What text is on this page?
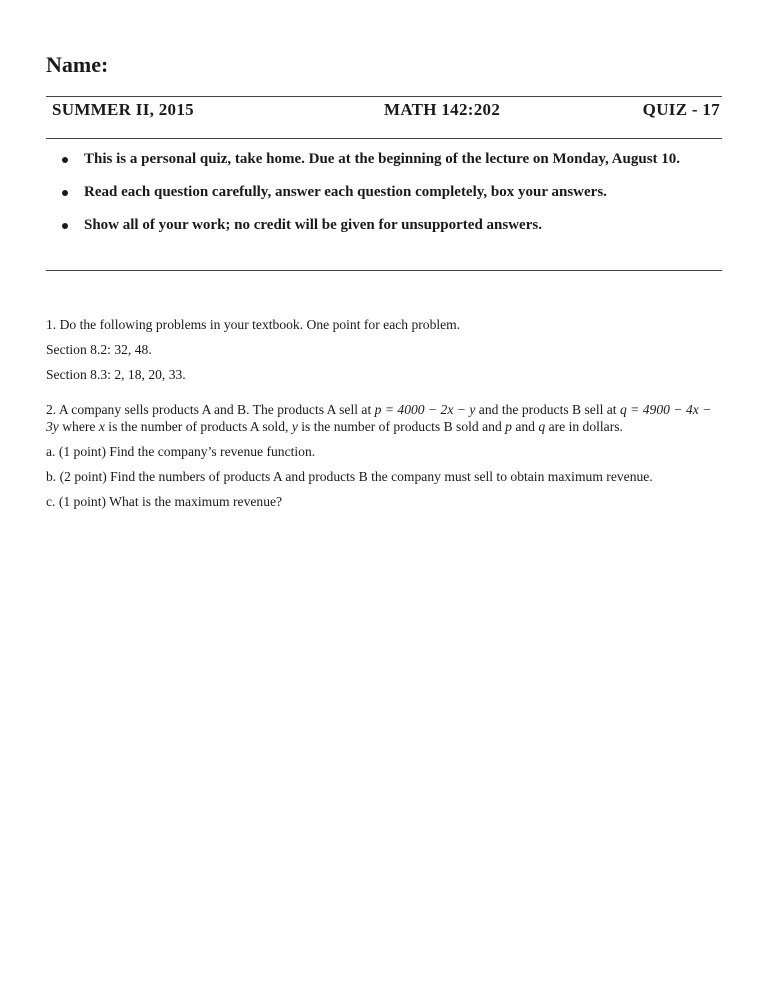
Name:
SUMMER II, 2015	MATH 142:202	QUIZ - 17
This is a personal quiz, take home. Due at the beginning of the lecture on Monday, August 10.
Read each question carefully, answer each question completely, box your answers.
Show all of your work; no credit will be given for unsupported answers.

1. Do the following problems in your textbook. One point for each problem.

Section 8.2: 32, 48.

Section 8.3: 2, 18, 20, 33.

2. A company sells products A and B. The products A sell at p = 4000 − 2x − y and the products B sell at q = 4900 − 4x − 3y where x is the number of products A sold, y is the number of products B sold and p and q are in dollars.

a. (1 point) Find the company’s revenue function.

b. (2 point) Find the numbers of products A and products B the company must sell to obtain maximum revenue.

c. (1 point) What is the maximum revenue?
